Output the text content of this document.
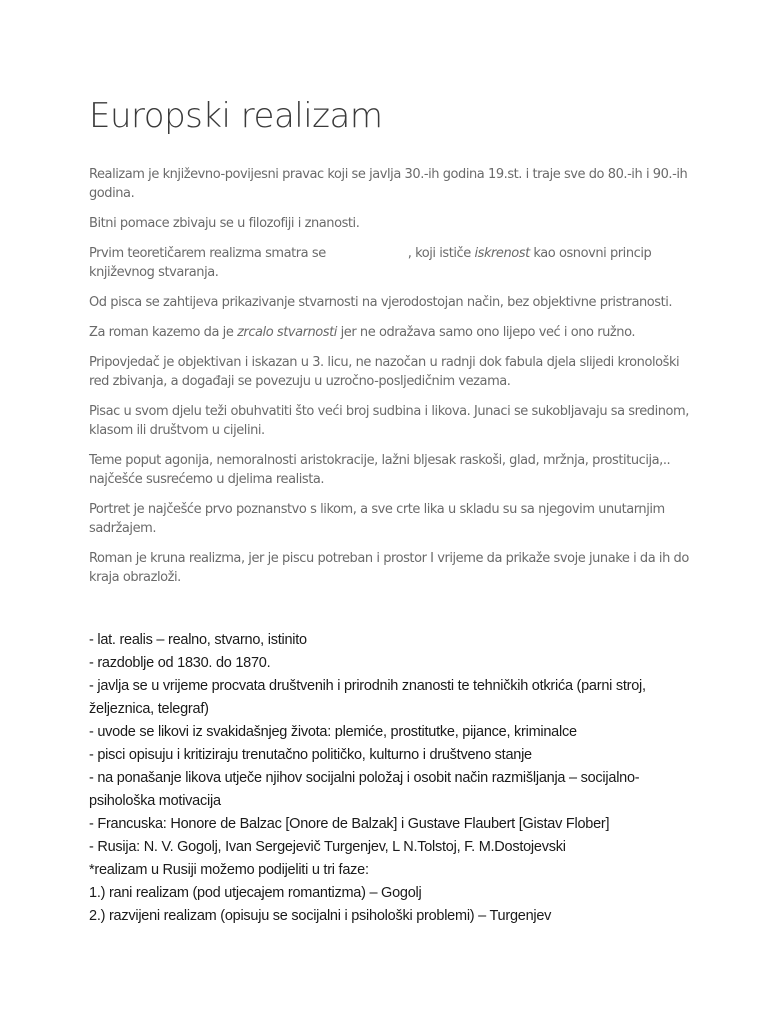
Europski realizam

Realizam je književno-povijesni pravac koji se javlja 30.-ih godina 19.st. i traje sve do 80.-ih i 90.-ih godina.

Bitni pomace zbivaju se u filozofiji i znanosti.

Prvim teoretičarem realizma smatra se	, koji ističe iskrenost kao osnovni princip književnog stvaranja.

Od pisca se zahtijeva prikazivanje stvarnosti na vjerodostojan način, bez objektivne pristranosti.

Za roman kazemo da je zrcalo stvarnosti jer ne odražava samo ono lijepo već i ono ružno.

Pripovjedač je objektivan i iskazan u 3. licu, ne nazočan u radnji dok fabula djela slijedi kronološki red zbivanja, a događaji se povezuju u uzročno-posljedičnim vezama.

Pisac u svom djelu teži obuhvatiti što veći broj sudbina i likova. Junaci se sukobljavaju sa sredinom, klasom ili društvom u cijelini.

Teme poput agonija, nemoralnosti aristokracije, lažni bljesak raskoši, glad, mržnja, prostitucija,.. najčešće susrećemo u djelima realista.

Portret je najčešće prvo poznanstvo s likom, a sve crte lika u skladu su sa njegovim unutarnjim sadržajem.

Roman je kruna realizma, jer je piscu potreban i prostor I vrijeme da prikaže svoje junake i da ih do kraja obrazloži.

- lat. realis – realno, stvarno, istinito

- razdoblje od 1830. do 1870.

- javlja se u vrijeme procvata društvenih i prirodnih znanosti te tehničkih otkrića (parni stroj, željeznica, telegraf)

- uvode se likovi iz svakidašnjeg života: plemiće, prostitutke, pijance, kriminalce

- pisci opisuju i kritiziraju trenutačno političko, kulturno i društveno stanje

- na ponašanje likova utječe njihov socijalni položaj i osobit način razmišljanja – socijalno-psihološka motivacija

- Francuska: Honore de Balzac [Onore de Balzak] i Gustave Flaubert [Gistav Flober]

- Rusija: N. V. Gogolj, Ivan Sergejevič Turgenjev, L N.Tolstoj, F. M.Dostojevski

*realizam u Rusiji možemo podijeliti u tri faze:

1.) rani realizam (pod utjecajem romantizma) – Gogolj

2.) razvijeni realizam (opisuju se socijalni i psihološki problemi) – Turgenjev
